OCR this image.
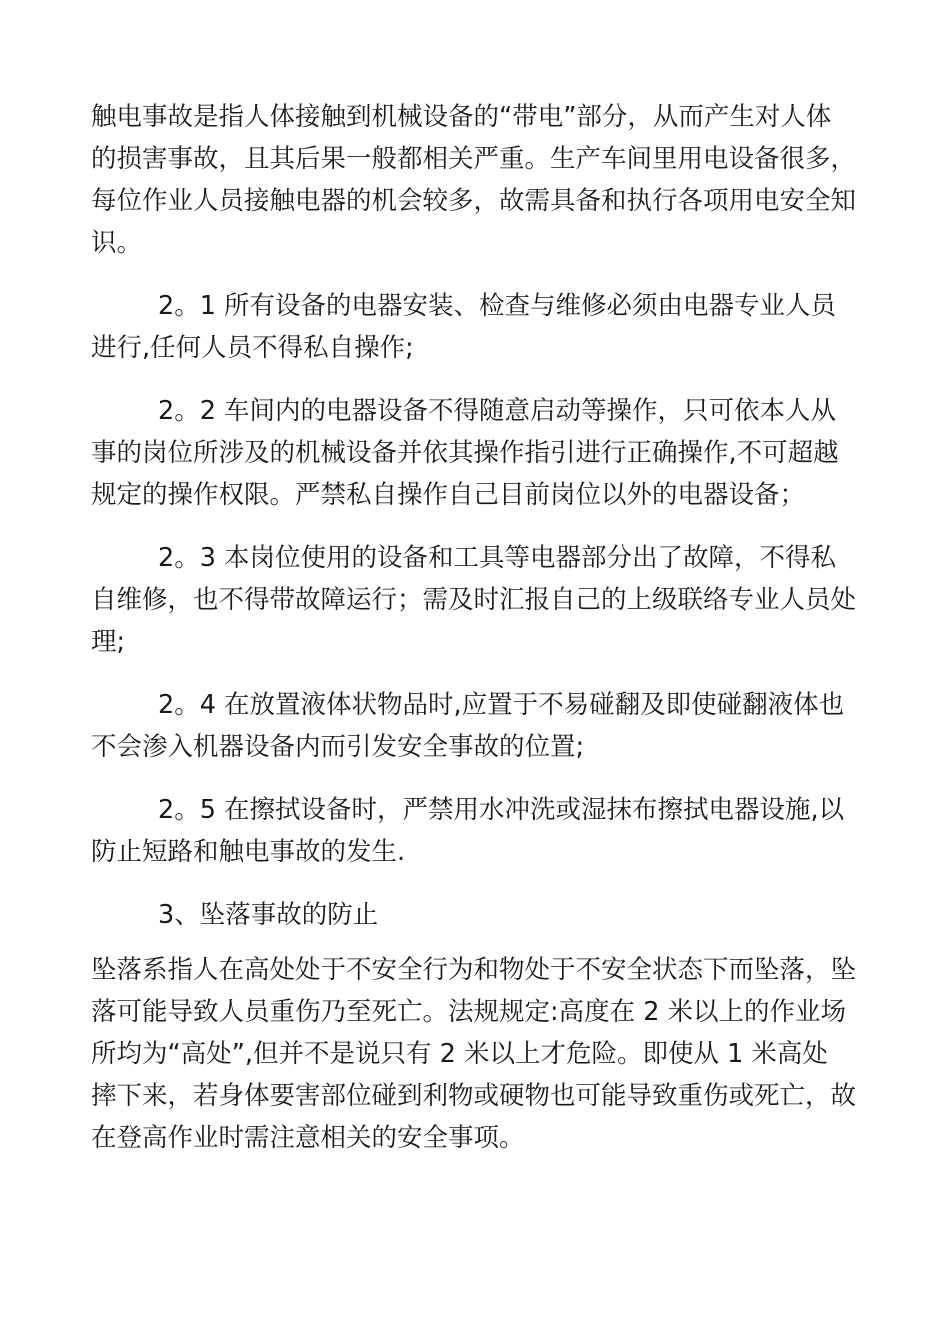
触电事故是指人体接触到机械设备的“带电”部分，从而产生对人体
的损害事故，且其后果一般都相关严重。生产车间里用电设备很多，
每位作业人员接触电器的机会较多，故需具备和执行各项用电安全知
识。

2。1 所有设备的电器安装、检查与维修必须由电器专业人员
进行,任何人员不得私自操作;

2。2 车间内的电器设备不得随意启动等操作，只可依本人从
事的岗位所涉及的机械设备并依其操作指引进行正确操作,不可超越
规定的操作权限。严禁私自操作自己目前岗位以外的电器设备；

2。3 本岗位使用的设备和工具等电器部分出了故障，不得私
自维修，也不得带故障运行；需及时汇报自己的上级联络专业人员处
理;

2。4 在放置液体状物品时,应置于不易碰翻及即使碰翻液体也
不会渗入机器设备内而引发安全事故的位置;

2。5 在擦拭设备时，严禁用水冲洗或湿抹布擦拭电器设施,以
防止短路和触电事故的发生.

3、坠落事故的防止

坠落系指人在高处处于不安全行为和物处于不安全状态下而坠落，坠
落可能导致人员重伤乃至死亡。法规规定:高度在 2 米以上的作业场
所均为“高处”,但并不是说只有 2 米以上才危险。即使从 1 米高处
摔下来，若身体要害部位碰到利物或硬物也可能导致重伤或死亡，故
在登高作业时需注意相关的安全事项。
